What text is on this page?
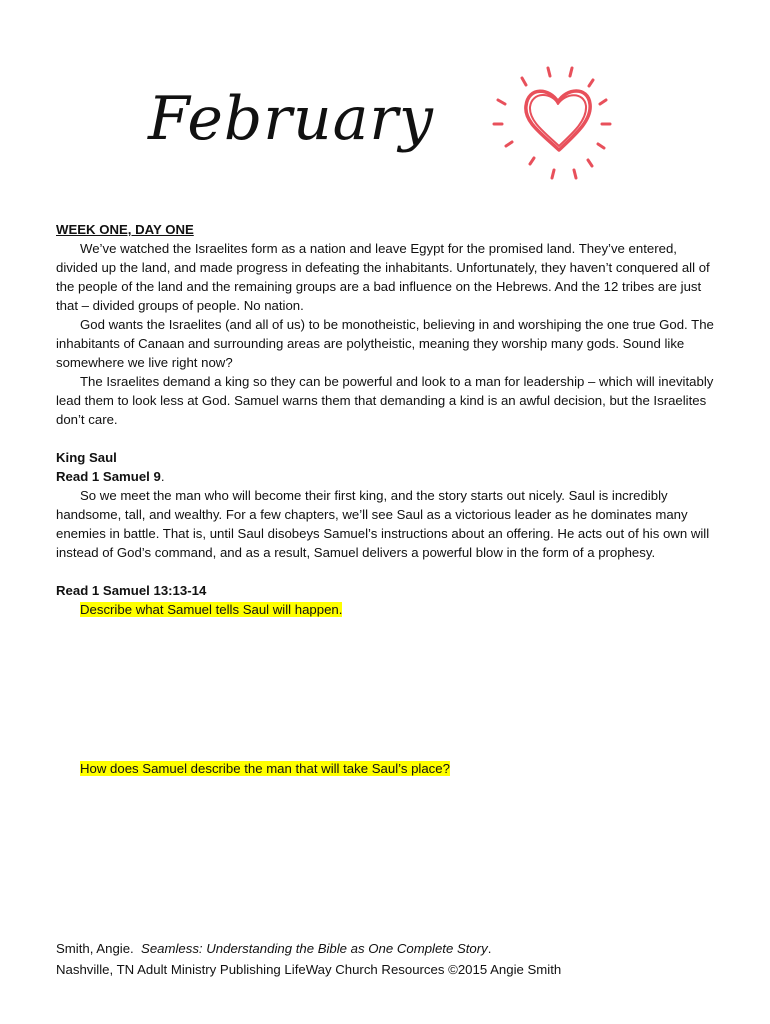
February

WEEK ONE, DAY ONE

We’ve watched the Israelites form as a nation and leave Egypt for the promised land. They’ve entered, divided up the land, and made progress in defeating the inhabitants. Unfortunately, they haven’t conquered all of the people of the land and the remaining groups are a bad influence on the Hebrews. And the 12 tribes are just that – divided groups of people. No nation.

God wants the Israelites (and all of us) to be monotheistic, believing in and worshiping the one true God. The inhabitants of Canaan and surrounding areas are polytheistic, meaning they worship many gods. Sound like somewhere we live right now?

The Israelites demand a king so they can be powerful and look to a man for leadership – which will inevitably lead them to look less at God. Samuel warns them that demanding a kind is an awful decision, but the Israelites don’t care.

King Saul

Read 1 Samuel 9.

So we meet the man who will become their first king, and the story starts out nicely. Saul is incredibly handsome, tall, and wealthy. For a few chapters, we’ll see Saul as a victorious leader as he dominates many enemies in battle. That is, until Saul disobeys Samuel’s instructions about an offering. He acts out of his own will instead of God’s command, and as a result, Samuel delivers a powerful blow in the form of a prophesy.

Read 1 Samuel 13:13-14

Describe what Samuel tells Saul will happen.

How does Samuel describe the man that will take Saul’s place?

Smith, Angie. Seamless: Understanding the Bible as One Complete Story.
Nashville, TN Adult Ministry Publishing LifeWay Church Resources ©2015 Angie Smith
